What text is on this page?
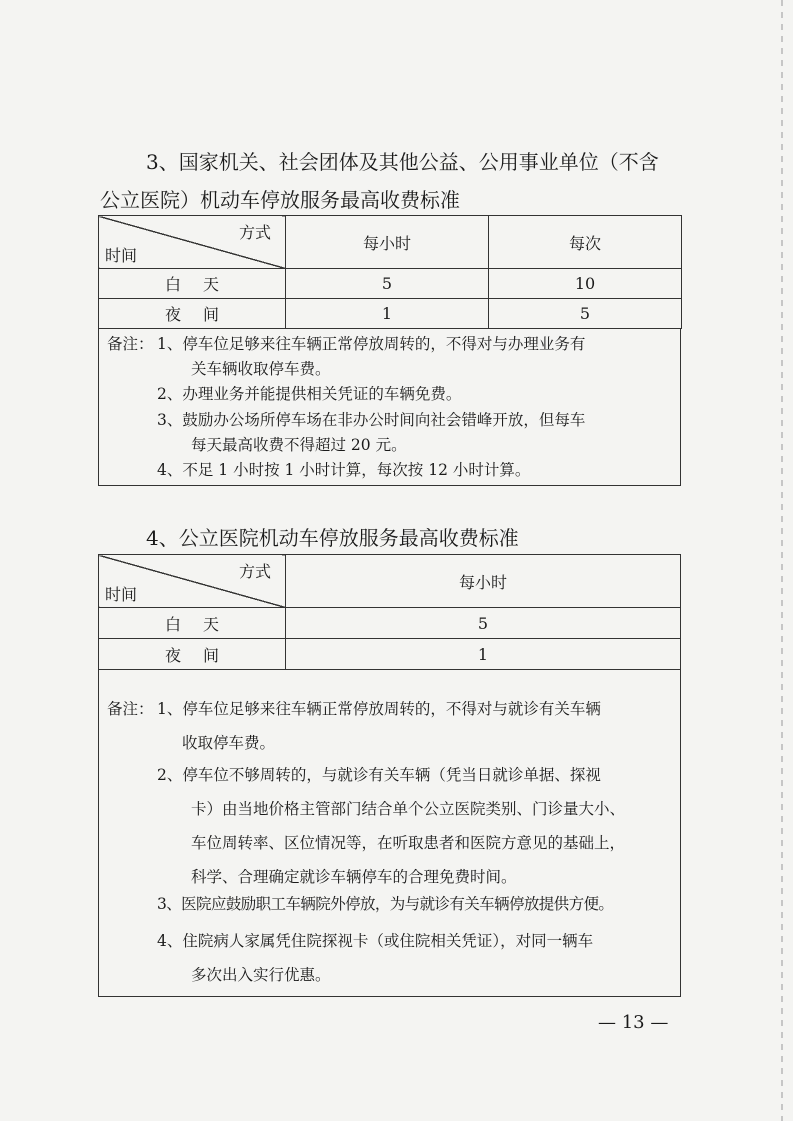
3、国家机关、社会团体及其他公益、公用事业单位（不含

公立医院）机动车停放服务最高收费标准

方式
时间	每小时	每次
白天	5	10
夜间	1	5
备注： 1、停车位足够来往车辆正常停放周转的，不得对与办理业务有
关车辆收取停车费。
2、办理业务并能提供相关凭证的车辆免费。
3、鼓励办公场所停车场在非办公时间向社会错峰开放，但每车
每天最高收费不得超过 20 元。
4、不足 1 小时按 1 小时计算，每次按 12 小时计算。

4、公立医院机动车停放服务最高收费标准

方式
时间	每小时
白天	5
夜间	1
备注： 1、停车位足够来往车辆正常停放周转的，不得对与就诊有关车辆
收取停车费。
2、停车位不够周转的，与就诊有关车辆（凭当日就诊单据、探视
卡）由当地价格主管部门结合单个公立医院类别、门诊量大小、
车位周转率、区位情况等，在听取患者和医院方意见的基础上，
科学、合理确定就诊车辆停车的合理免费时间。
3、医院应鼓励职工车辆院外停放，为与就诊有关车辆停放提供方便。
4、住院病人家属凭住院探视卡（或住院相关凭证），对同一辆车
多次出入实行优惠。
— 13 —
